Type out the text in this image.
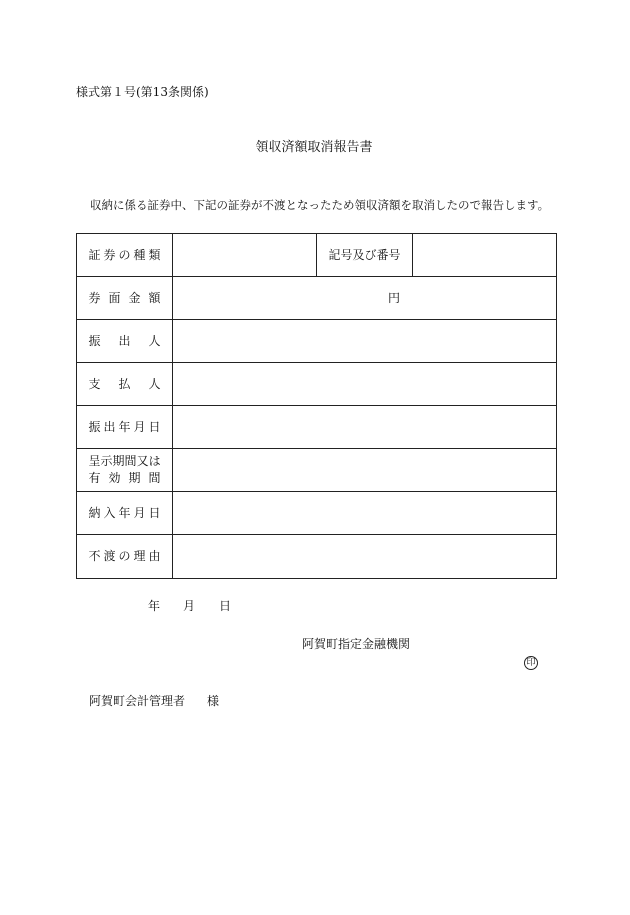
様式第１号(第13条関係)
領収済額取消報告書
収納に係る証券中、下記の証券が不渡となったため領収済額を取消したので報告します。
証 券 の 種 類	記号及び番号
券 面 金 額	円
振 出 人
支 払 人
振 出 年 月 日
呈 示 期 間 又 は
有 効 期 間
納 入 年 月 日
不 渡 の 理 由
年 月 日
阿賀町指定金融機関
印
阿賀町会計管理者 様
